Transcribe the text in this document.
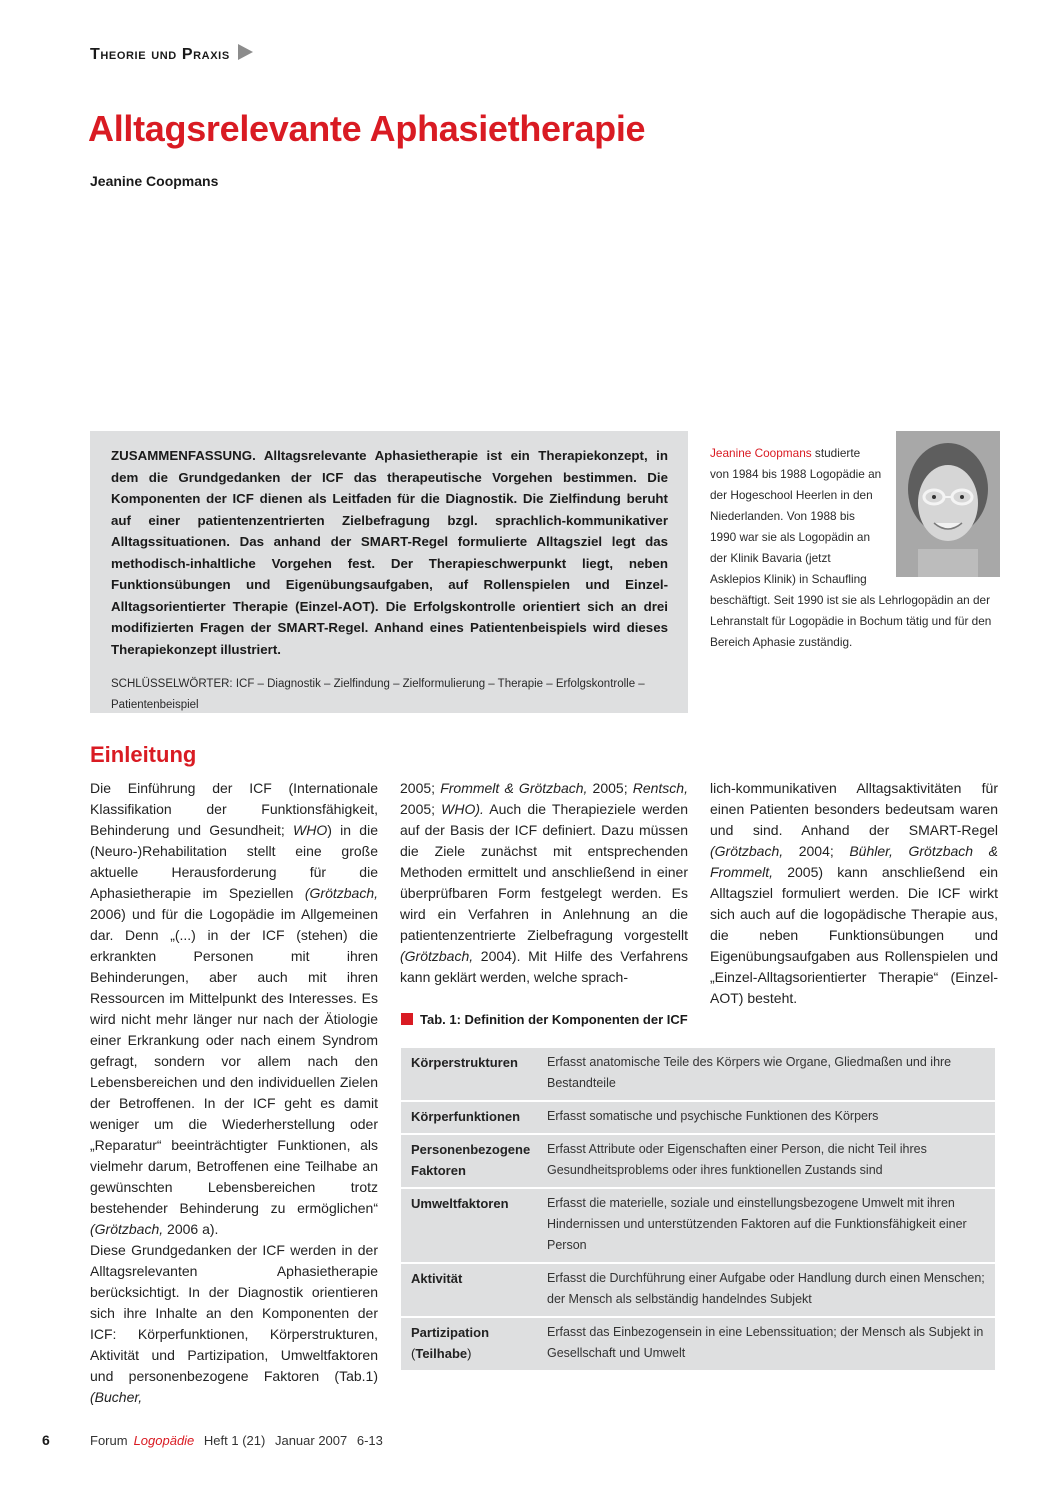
Theorie und Praxis
Alltagsrelevante Aphasietherapie
Jeanine Coopmans

ZUSAMMENFASSUNG. Alltagsrelevante Aphasietherapie ist ein Therapiekonzept, in dem die Grundgedanken der ICF das therapeutische Vorgehen bestimmen. Die Komponenten der ICF dienen als Leitfaden für die Diagnostik. Die Zielfindung beruht auf einer patientenzentrierten Zielbefragung bzgl. sprachlich-kommunikativer Alltagssituationen. Das anhand der SMART-Regel formulierte Alltagsziel legt das methodisch-inhaltliche Vorgehen fest. Der Therapieschwerpunkt liegt, neben Funktionsübungen und Eigenübungsaufgaben, auf Rollenspielen und Einzel-Alltagsorientierter Therapie (Einzel-AOT). Die Erfolgskontrolle orientiert sich an drei modifizierten Fragen der SMART-Regel. Anhand eines Patientenbeispiels wird dieses Therapiekonzept illustriert.

SCHLÜSSELWÖRTER: ICF – Diagnostik – Zielfindung – Zielformulierung – Therapie – Erfolgskontrolle – Patientenbeispiel

Jeanine Coopmans studierte von 1984 bis 1988 Logopädie an der Hogeschool Heerlen in den Niederlanden. Von 1988 bis 1990 war sie als Logopädin an der Klinik Bavaria (jetzt Asklepios Klinik) in Schaufling beschäftigt. Seit 1990 ist sie als Lehrlogopädin an der Lehranstalt für Logopädie in Bochum tätig und für den Bereich Aphasie zuständig.
Einleitung

Die Einführung der ICF (Internationale Klassifikation der Funktionsfähigkeit, Behinderung und Gesundheit; WHO) in die (Neuro-)Rehabilitation stellt eine große aktuelle Herausforderung für die Aphasietherapie im Speziellen (Grötzbach, 2006) und für die Logopädie im Allgemeinen dar. Denn „(...) in der ICF (stehen) die erkrankten Personen mit ihren Behinderungen, aber auch mit ihren Ressourcen im Mittelpunkt des Interesses. Es wird nicht mehr länger nur nach der Ätiologie einer Erkrankung oder nach einem Syndrom gefragt, sondern vor allem nach den Lebensbereichen und den individuellen Zielen der Betroffenen. In der ICF geht es damit weniger um die Wiederherstellung oder „Reparatur“ beeinträchtigter Funktionen, als vielmehr darum, Betroffenen eine Teilhabe an gewünschten Lebensbereichen trotz bestehender Behinderung zu ermöglichen“ (Grötzbach, 2006 a).

Diese Grundgedanken der ICF werden in der Alltagsrelevanten Aphasietherapie berücksichtigt. In der Diagnostik orientieren sich ihre Inhalte an den Komponenten der ICF: Körperfunktionen, Körperstrukturen, Aktivität und Partizipation, Umweltfaktoren und personenbezogene Faktoren (Tab.1) (Bucher,

2005; Frommelt & Grötzbach, 2005; Rentsch, 2005; WHO). Auch die Therapieziele werden auf der Basis der ICF definiert. Dazu müssen die Ziele zunächst mit entsprechenden Methoden ermittelt und anschließend in einer überprüfbaren Form festgelegt werden. Es wird ein Verfahren in Anlehnung an die patientenzentrierte Zielbefragung vorgestellt (Grötzbach, 2004). Mit Hilfe des Verfahrens kann geklärt werden, welche sprach-

lich-kommunikativen Alltagsaktivitäten für einen Patienten besonders bedeutsam waren und sind. Anhand der SMART-Regel (Grötzbach, 2004; Bühler, Grötzbach & Frommelt, 2005) kann anschließend ein Alltagsziel formuliert werden. Die ICF wirkt sich auch auf die logopädische Therapie aus, die neben Funktionsübungen und Eigenübungsaufgaben aus Rollenspielen und „Einzel-Alltagsorientierter Therapie“ (Einzel-AOT) besteht.

Tab. 1: Definition der Komponenten der ICF
Körperstrukturen	Erfasst anatomische Teile des Körpers wie Organe, Gliedmaßen und ihre Bestandteile
Körperfunktionen	Erfasst somatische und psychische Funktionen des Körpers
Personenbezogene Faktoren	Erfasst Attribute oder Eigenschaften einer Person, die nicht Teil ihres Gesundheitsproblems oder ihres funktionellen Zustands sind
Umweltfaktoren	Erfasst die materielle, soziale und einstellungsbezogene Umwelt mit ihren Hindernissen und unterstützenden Faktoren auf die Funktionsfähigkeit einer Person
Aktivität	Erfasst die Durchführung einer Aufgabe oder Handlung durch einen Menschen; der Mensch als selbständig handelndes Subjekt
Partizipation
(Teilhabe)	Erfasst das Einbezogensein in eine Lebenssituation; der Mensch als Subjekt in Gesellschaft und Umwelt
6	Forum Logopädie Heft 1 (21) Januar 2007 6-13
